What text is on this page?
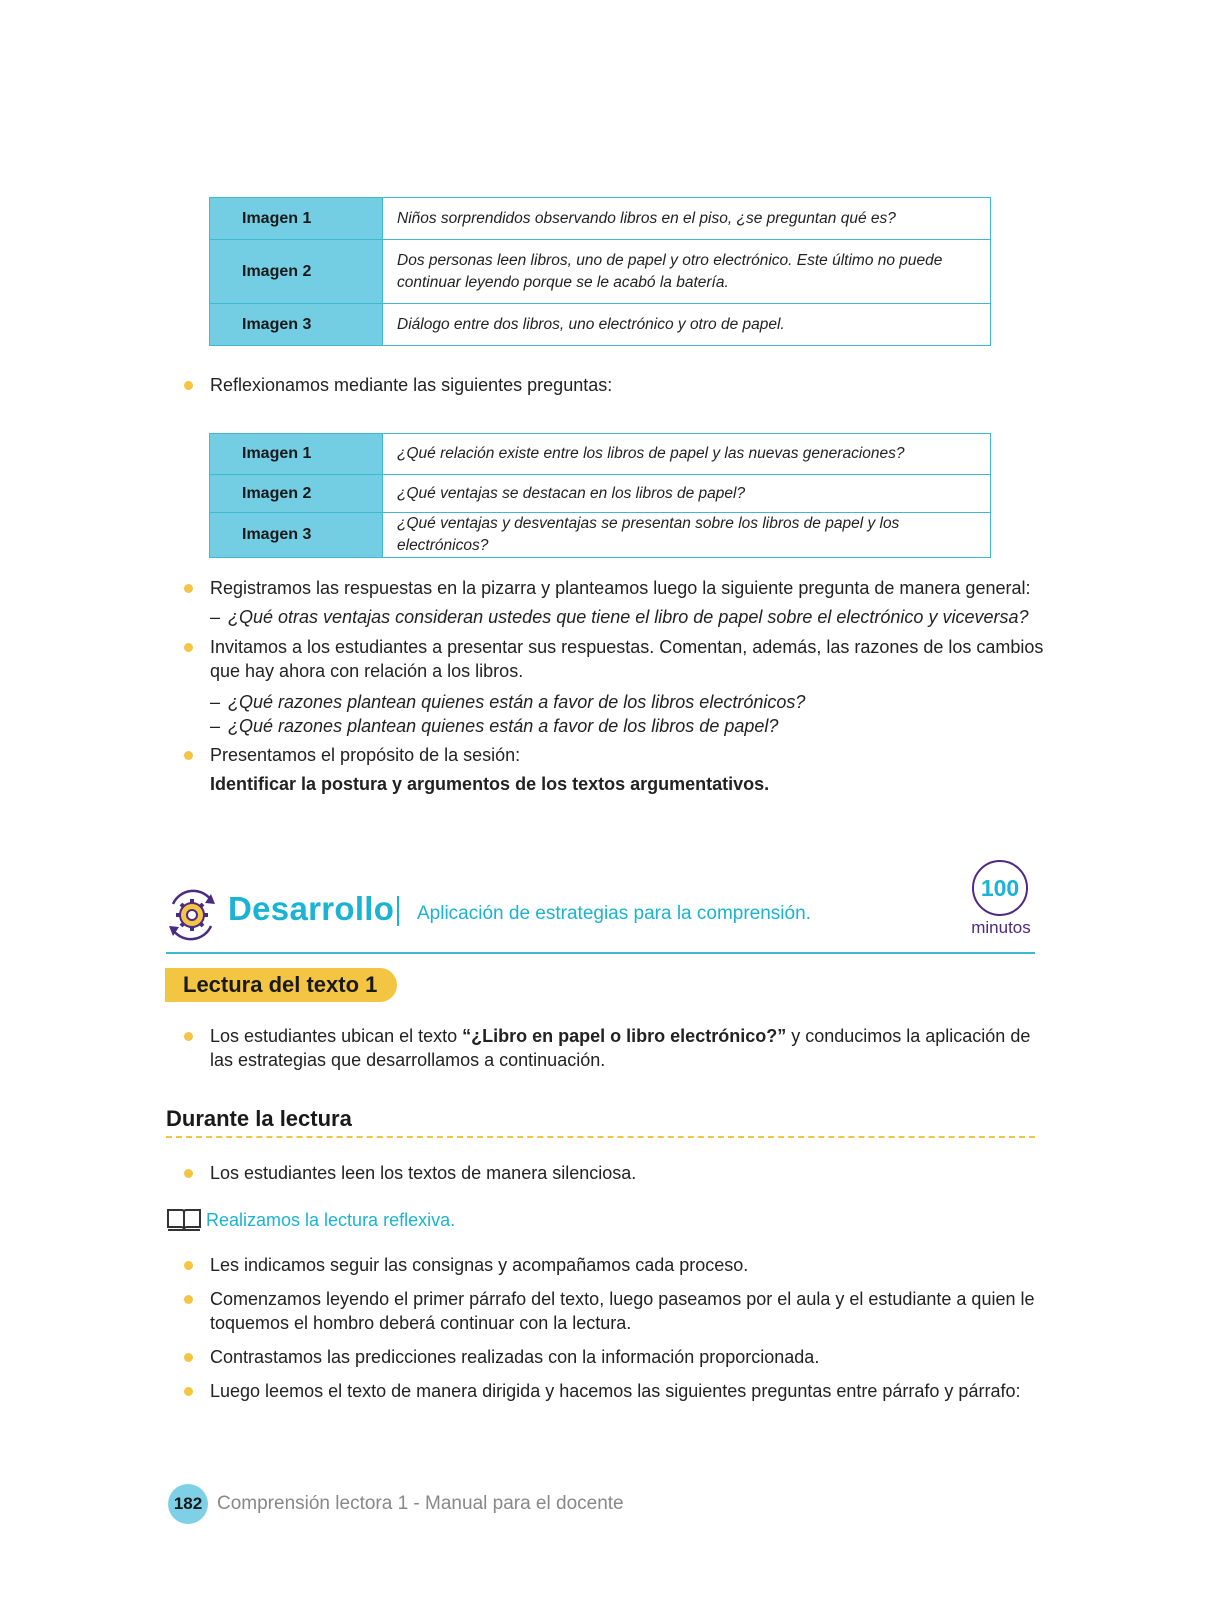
Imagen 1	Niños sorprendidos observando libros en el piso, ¿se preguntan qué es?
Imagen 2	Dos personas leen libros, uno de papel y otro electrónico. Este último no puede continuar leyendo porque se le acabó la batería.
Imagen 3	Diálogo entre dos libros, uno electrónico y otro de papel.
Reflexionamos mediante las siguientes preguntas:
Imagen 1	¿Qué relación existe entre los libros de papel y las nuevas generaciones?
Imagen 2	¿Qué ventajas se destacan en los libros de papel?
Imagen 3	¿Qué ventajas y desventajas se presentan sobre los libros de papel y los electrónicos?
Registramos las respuestas en la pizarra y planteamos luego la siguiente pregunta de manera general:
– ¿Qué otras ventajas consideran ustedes que tiene el libro de papel sobre el electrónico y viceversa?
Invitamos a los estudiantes a presentar sus respuestas. Comentan, además, las razones de los cambios que hay ahora con relación a los libros.
– ¿Qué razones plantean quienes están a favor de los libros electrónicos?
– ¿Qué razones plantean quienes están a favor de los libros de papel?
Presentamos el propósito de la sesión:
Identificar la postura y argumentos de los textos argumentativos.
Desarrollo Aplicación de estrategias para la comprensión.
100
minutos
Lectura del texto 1
Los estudiantes ubican el texto “¿Libro en papel o libro electrónico?” y conducimos la aplicación de las estrategias que desarrollamos a continuación.
Durante la lectura
Los estudiantes leen los textos de manera silenciosa.
Realizamos la lectura reflexiva.
Les indicamos seguir las consignas y acompañamos cada proceso.
Comenzamos leyendo el primer párrafo del texto, luego paseamos por el aula y el estudiante a quien le toquemos el hombro deberá continuar con la lectura.
Contrastamos las predicciones realizadas con la información proporcionada.
Luego leemos el texto de manera dirigida y hacemos las siguientes preguntas entre párrafo y párrafo:
182 Comprensión lectora 1 - Manual para el docente
